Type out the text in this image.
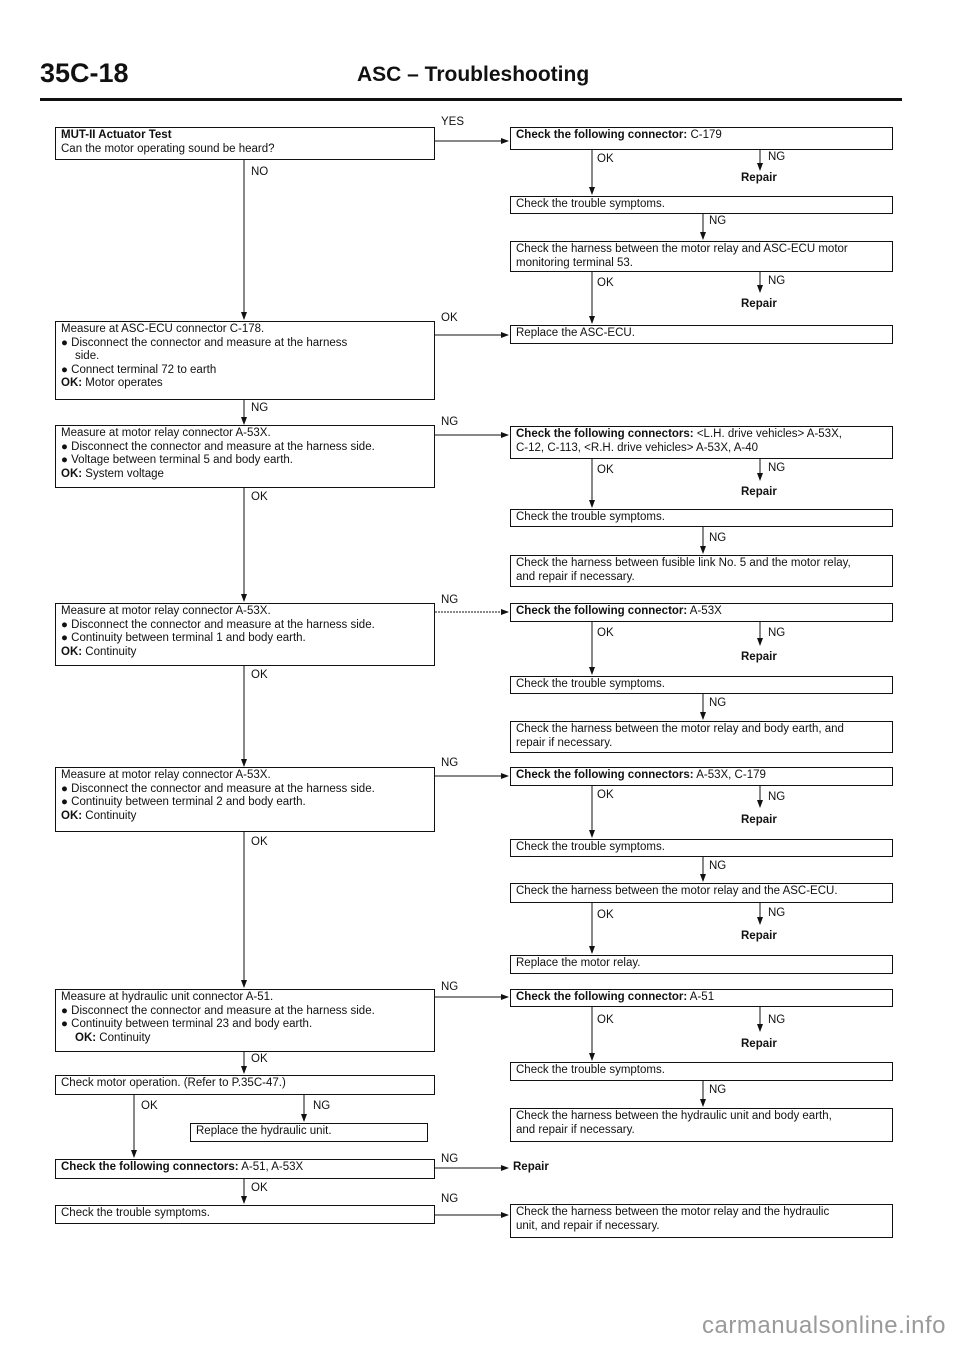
35C-18	ASC – Troubleshooting
YES
NO
OK
NG
NG
NG
NG
NG
NG
NG
OK
OK
OK
OK
OK	NG
OK
OK	NG
Repair
NG
OK	NG
Repair
OK	NG
Repair
NG
OK	NG
Repair
NG
OK	NG
Repair
NG
OK	NG
Repair
OK	NG
Repair
NG
MUT-II Actuator Test
Can the motor operating sound be heard?
Measure at ASC-ECU connector C-178.
● Disconnect the connector and measure at the harness
side.
● Connect terminal 72 to earth
OK: Motor operates
Measure at motor relay connector A-53X.
● Disconnect the connector and measure at the harness side.
● Voltage between terminal 5 and body earth.
OK: System voltage
Measure at motor relay connector A-53X.
● Disconnect the connector and measure at the harness side.
● Continuity between terminal 1 and body earth.
OK: Continuity
Measure at motor relay connector A-53X.
● Disconnect the connector and measure at the harness side.
● Continuity between terminal 2 and body earth.
OK: Continuity
Measure at hydraulic unit connector A-51.
● Disconnect the connector and measure at the harness side.
● Continuity between terminal 23 and body earth.
OK: Continuity
Check motor operation. (Refer to P.35C-47.)
Replace the hydraulic unit.
Check the following connectors: A-51, A-53X
Check the trouble symptoms.
Check the following connector: C-179
Check the trouble symptoms.
Check the harness between the motor relay and ASC-ECU motor
monitoring terminal 53.
Replace the ASC-ECU.
Check the following connectors: <L.H. drive vehicles> A-53X,
C-12, C-113, <R.H. drive vehicles> A-53X, A-40
Check the trouble symptoms.
Check the harness between fusible link No. 5 and the motor relay,
and repair if necessary.
Check the following connector: A-53X
Check the trouble symptoms.
Check the harness between the motor relay and body earth, and
repair if necessary.
Check the following connectors: A-53X, C-179
Check the trouble symptoms.
Check the harness between the motor relay and the ASC-ECU.
Replace the motor relay.
Check the following connector: A-51
Check the trouble symptoms.
Check the harness between the hydraulic unit and body earth,
and repair if necessary.
Repair
Check the harness between the motor relay and the hydraulic
unit, and repair if necessary.
carmanualsonline.info
